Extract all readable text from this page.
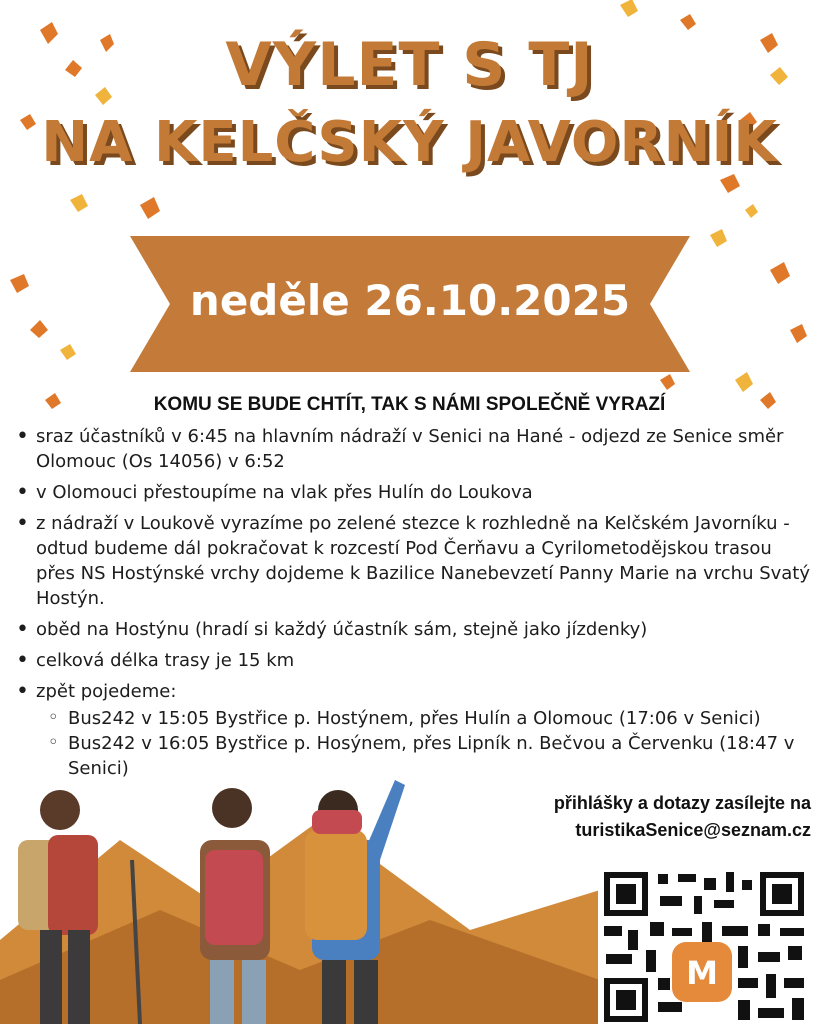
VÝLET S TJ
NA KELČSKÝ JAVORNÍK
neděle 26.10.2025
KOMU SE BUDE CHTÍT, TAK S NÁMI SPOLEČNĚ VYRAZÍ
• sraz účastníků v 6:45 na hlavním nádraží v Senici na Hané - odjezd ze Senice směr Olomouc (Os 14056) v 6:52
• v Olomouci přestoupíme na vlak přes Hulín do Loukova
• z nádraží v Loukově vyrazíme po zelené stezce k rozhledně na Kelčském Javorníku - odtud budeme dál pokračovat k rozcestí Pod Čerňavu a Cyrilometodějskou trasou přes NS Hostýnské vrchy dojdeme k Bazilice Nanebevzetí Panny Marie na vrchu Svatý Hostýn.
• oběd na Hostýnu (hradí si každý účastník sám, stejně jako jízdenky)
• celková délka trasy je 15 km
• zpět pojedeme:
◦ Bus242 v 15:05 Bystřice p. Hostýnem, přes Hulín a Olomouc (17:06 v Senici)
◦ Bus242 v 16:05 Bystřice p. Hosýnem, přes Lipník n. Bečvou a Červenku (18:47 v Senici)
přihlášky a dotazy zasílejte na
turistikaSenice@seznam.cz
M
